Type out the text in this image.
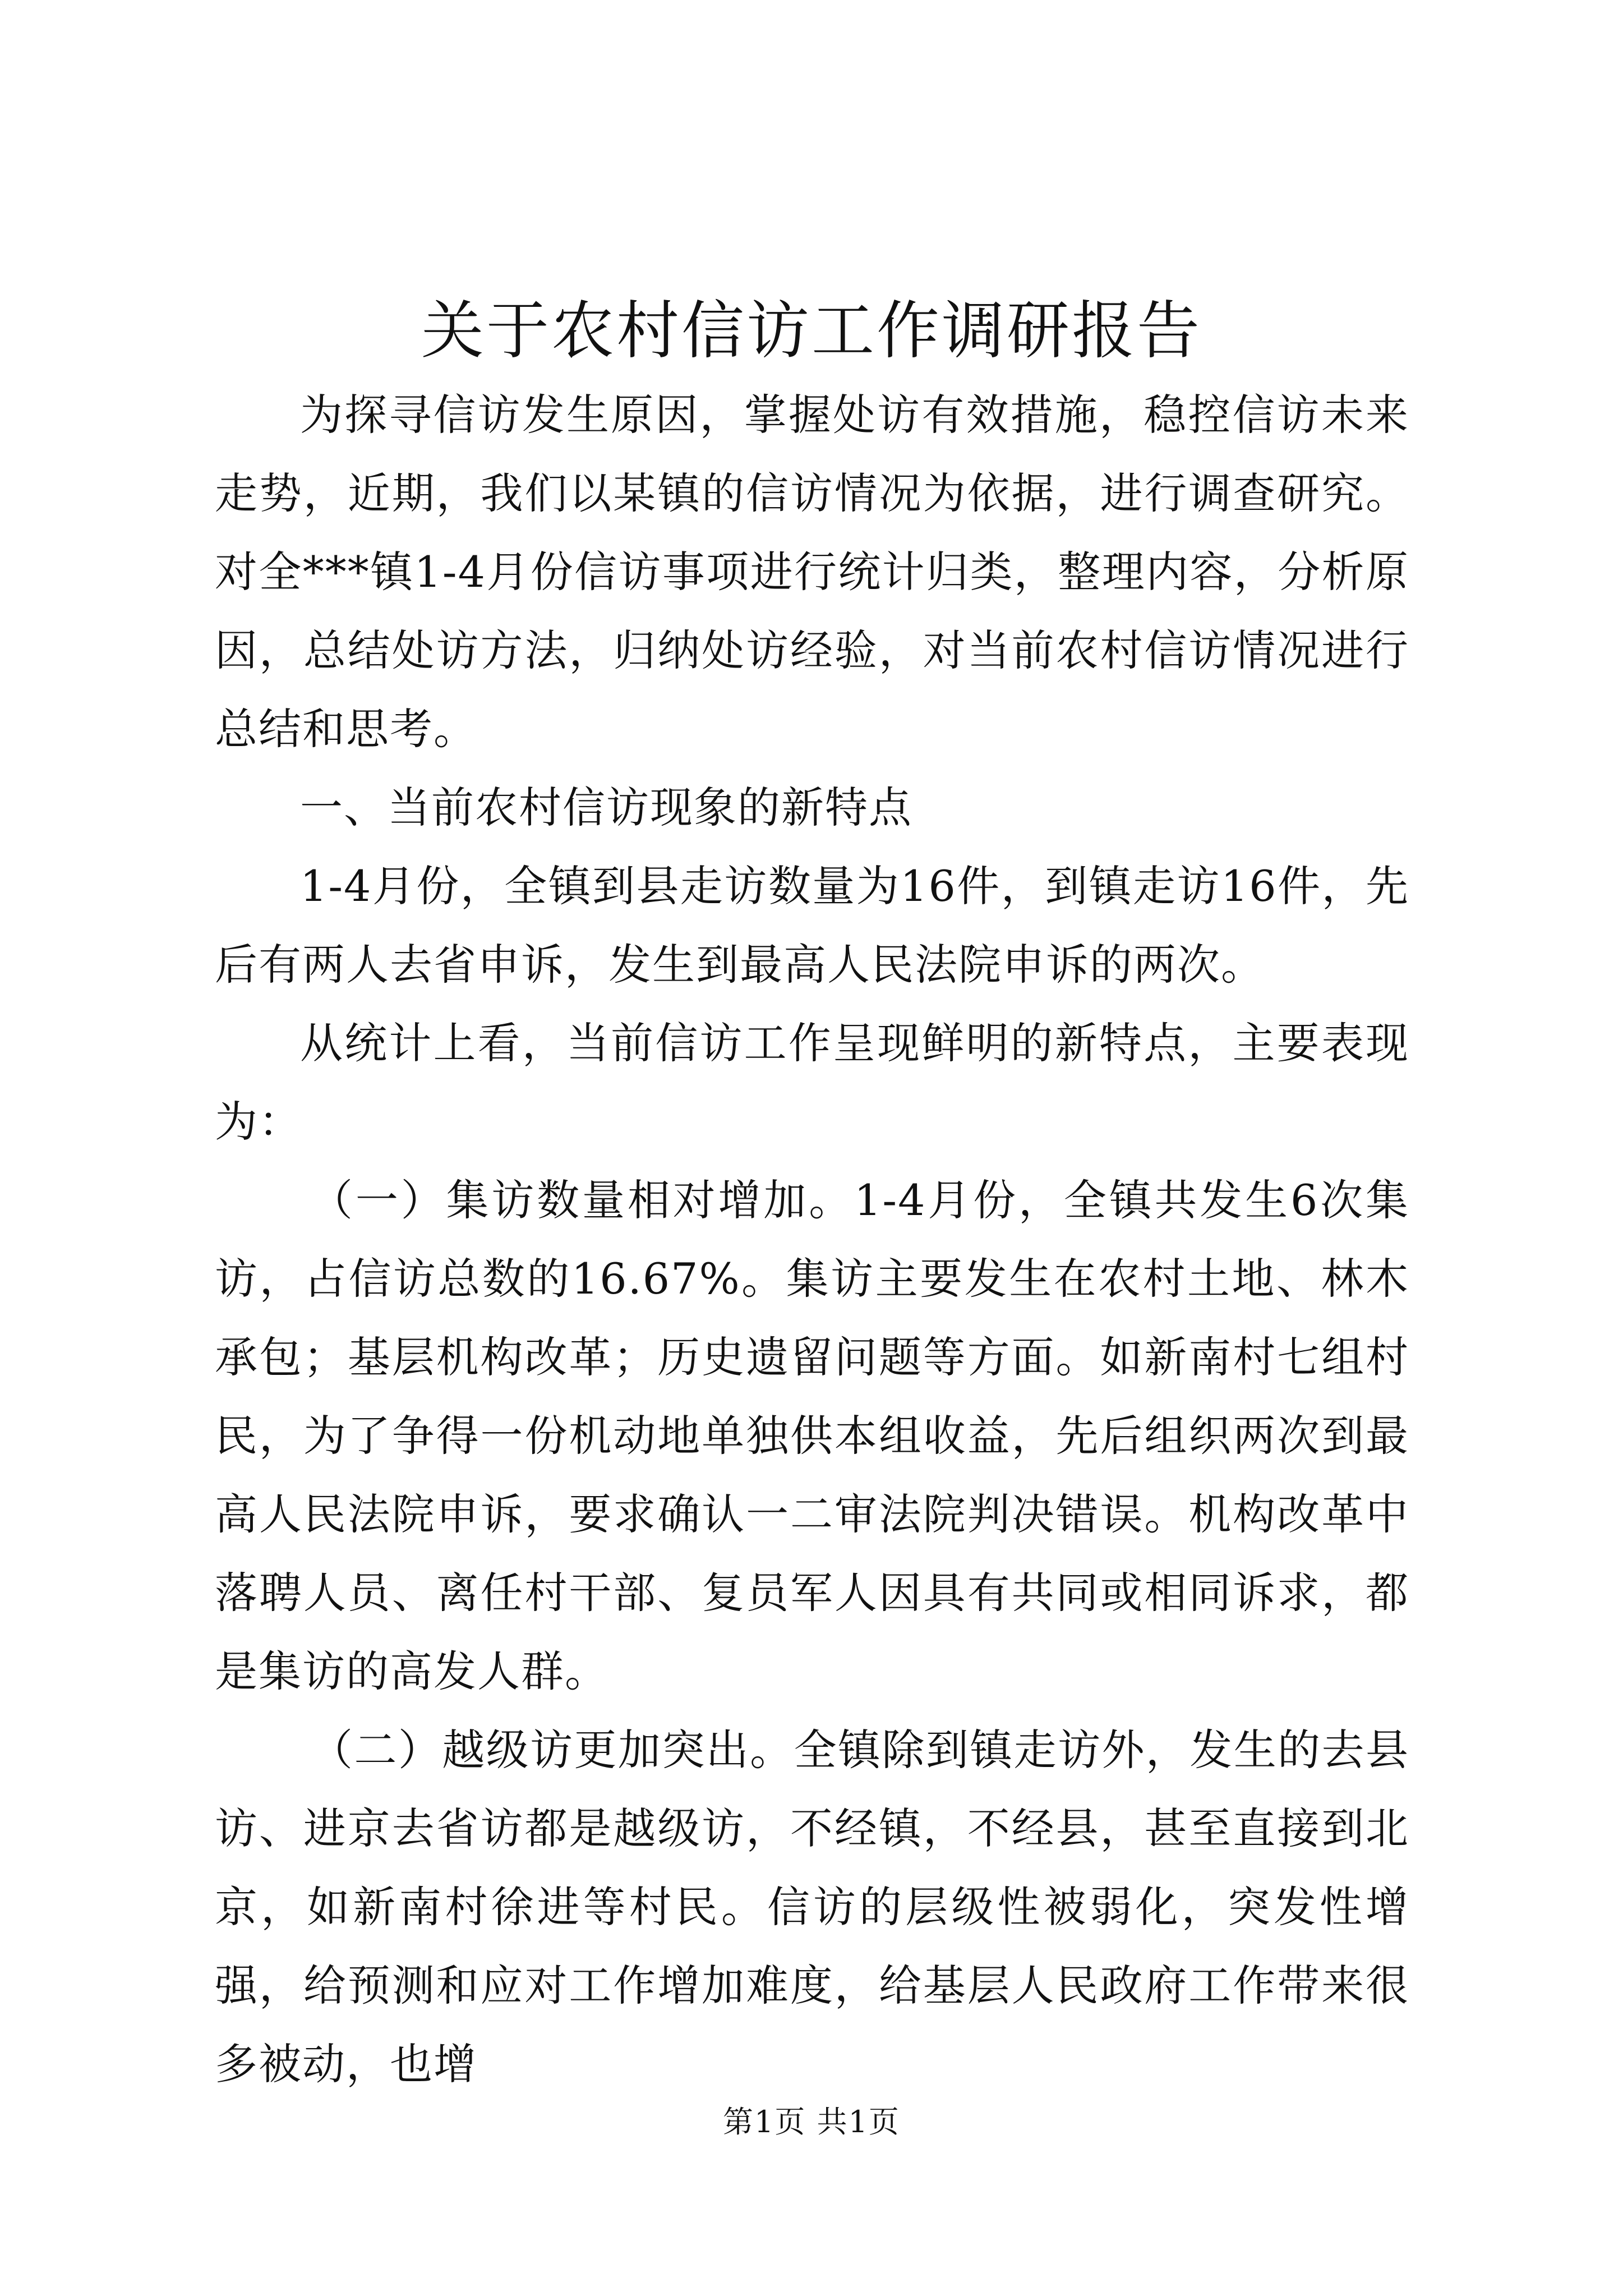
关于农村信访工作调研报告

为探寻信访发生原因，掌握处访有效措施，稳控信访未来走势，近期，我们以某镇的信访情况为依据，进行调查研究。对全***镇1-4月份信访事项进行统计归类，整理内容，分析原因，总结处访方法，归纳处访经验，对当前农村信访情况进行总结和思考。

一、当前农村信访现象的新特点

1-4月份，全镇到县走访数量为16件，到镇走访16件，先后有两人去省申诉，发生到最高人民法院申诉的两次。

从统计上看，当前信访工作呈现鲜明的新特点，主要表现为：

（一）集访数量相对增加。1-4月份，全镇共发生6次集访，占信访总数的16.67%。集访主要发生在农村土地、林木承包；基层机构改革；历史遗留问题等方面。如新南村七组村民，为了争得一份机动地单独供本组收益，先后组织两次到最高人民法院申诉，要求确认一二审法院判决错误。机构改革中落聘人员、离任村干部、复员军人因具有共同或相同诉求，都是集访的高发人群。

（二）越级访更加突出。全镇除到镇走访外，发生的去县访、进京去省访都是越级访，不经镇，不经县，甚至直接到北京，如新南村徐进等村民。信访的层级性被弱化，突发性增强，给预测和应对工作增加难度，给基层人民政府工作带来很多被动，也增

第1页 共1页
